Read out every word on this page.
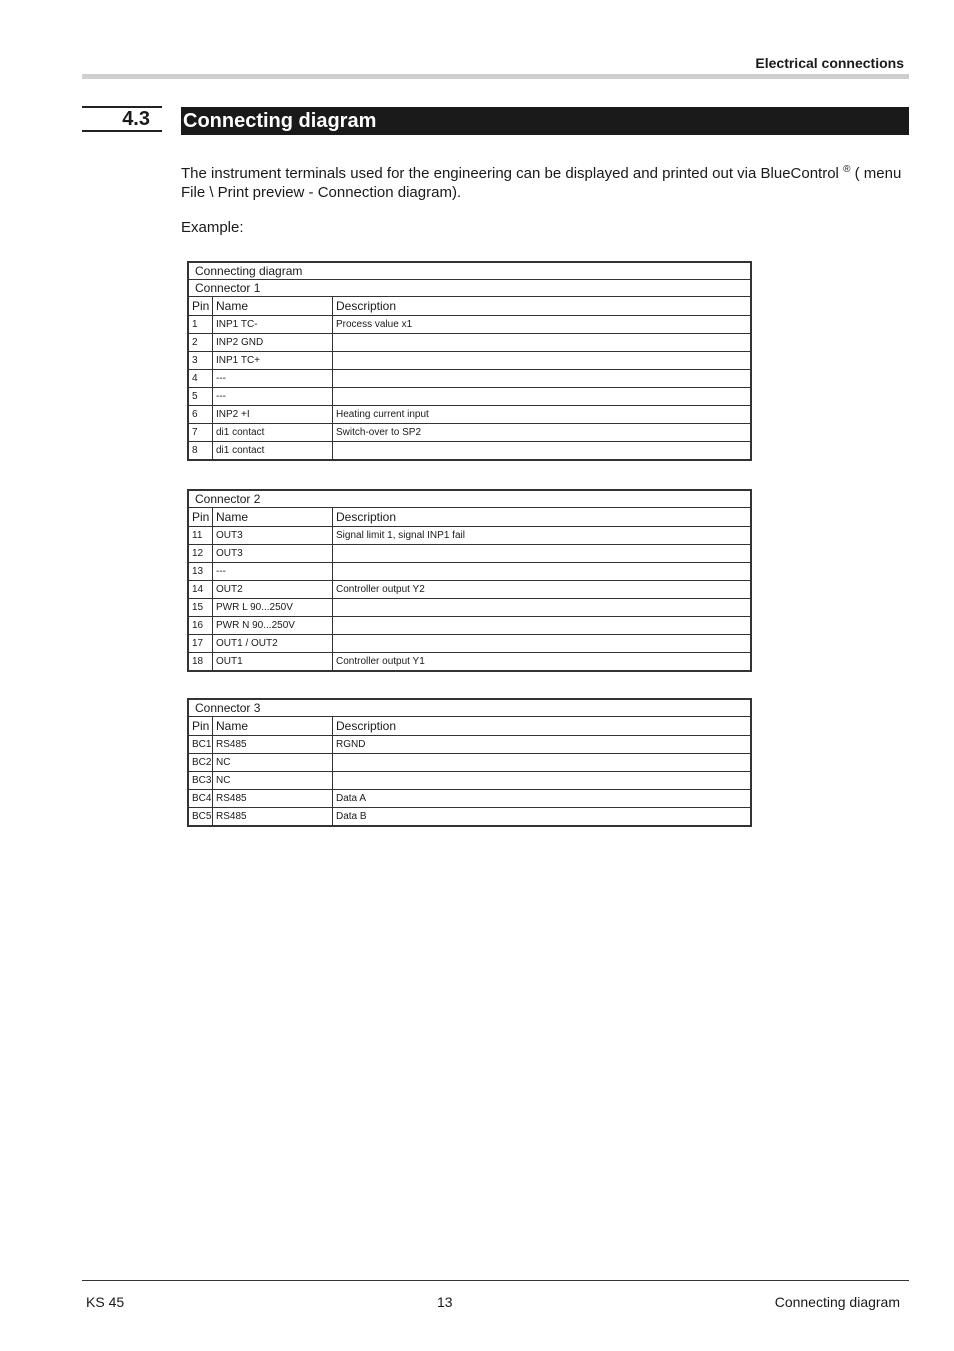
Electrical connections
4.3	Connecting diagram
The instrument terminals used for the engineering can be displayed and printed out via BlueControl ® ( menu File \ Print preview - Connection diagram).
Example:
Connecting diagram		
Connector 1		
Pin	Name	Description
1	INP1 TC-	Process value x1
2	INP2 GND	
3	INP1 TC+	
4	---	
5	---	
6	INP2 +I	Heating current input
7	di1 contact	Switch-over to SP2
8	di1 contact	
Connector 2		
Pin	Name	Description
11	OUT3	Signal limit 1, signal INP1 fail
12	OUT3	
13	---	
14	OUT2	Controller output Y2
15	PWR L 90...250V	
16	PWR N 90...250V	
17	OUT1 / OUT2	
18	OUT1	Controller output Y1
Connector 3		
Pin	Name	Description
BC1	RS485	RGND
BC2	NC	
BC3	NC	
BC4	RS485	Data A
BC5	RS485	Data B
KS 45	13	Connecting diagram
